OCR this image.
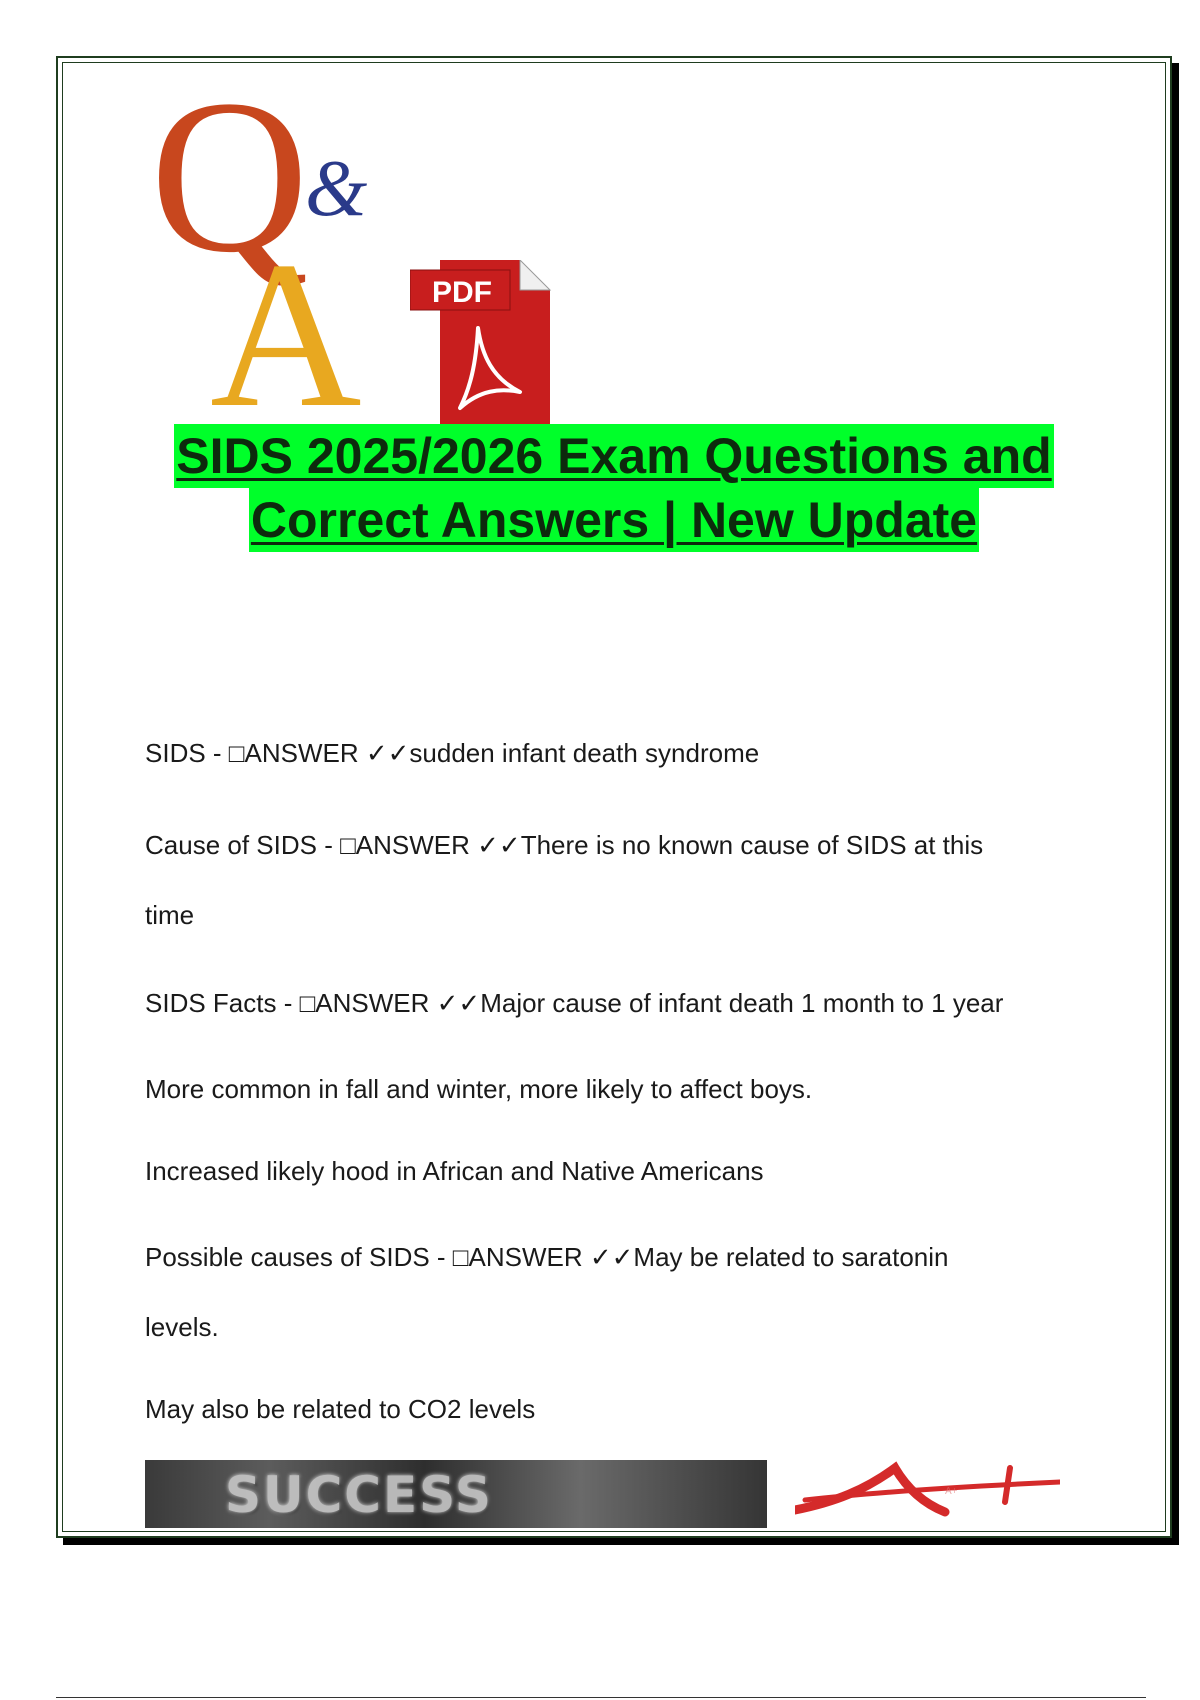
Q
&
A PDF
SIDS 2025/2026 Exam Questions and
Correct Answers | New Update
SIDS - □ANSWER ✓✓sudden infant death syndrome
Cause of SIDS - □ANSWER ✓✓There is no known cause of SIDS at this
time
SIDS Facts - □ANSWER ✓✓Major cause of infant death 1 month to 1 year
More common in fall and winter, more likely to affect boys.
Increased likely hood in African and Native Americans
Possible causes of SIDS - □ANSWER ✓✓May be related to saratonin
levels.
May also be related to CO2 levels
SUCCESS	A+
